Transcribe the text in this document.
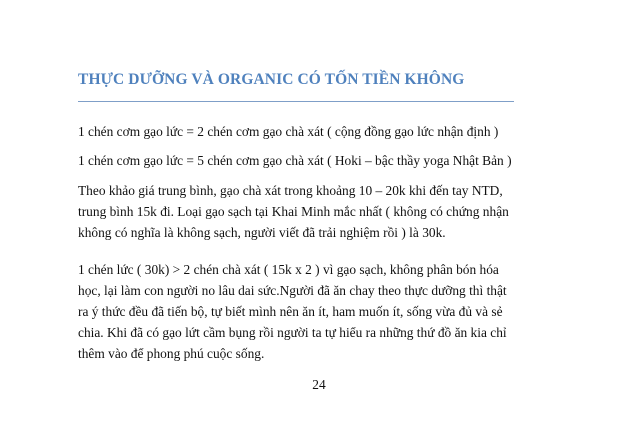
THỰC DƯỠNG VÀ ORGANIC CÓ TỐN TIỀN KHÔNG

1 chén cơm gạo lức = 2 chén cơm gạo chà xát ( cộng đồng gạo lức nhận định )

1 chén cơm gạo lức = 5 chén cơm gạo chà xát ( Hoki – bậc thầy yoga Nhật Bản )

Theo khảo giá trung bình, gạo chà xát trong khoảng 10 – 20k khi đến tay NTD,
trung bình 15k đi. Loại gạo sạch tại Khai Minh mắc nhất ( không có chứng nhận
không có nghĩa là không sạch, người viết đã trải nghiệm rồi ) là 30k.

1 chén lức ( 30k) > 2 chén chà xát ( 15k x 2 ) vì gạo sạch, không phân bón hóa
học, lại làm con người no lâu dai sức.Người đã ăn chay theo thực dưỡng thì thật
ra ý thức đều đã tiến bộ, tự biết mình nên ăn ít, ham muốn ít, sống vừa đủ và sẻ
chia. Khi đã có gạo lứt cầm bụng rồi người ta tự hiểu ra những thứ đồ ăn kia chỉ
thêm vào để phong phú cuộc sống.

24
